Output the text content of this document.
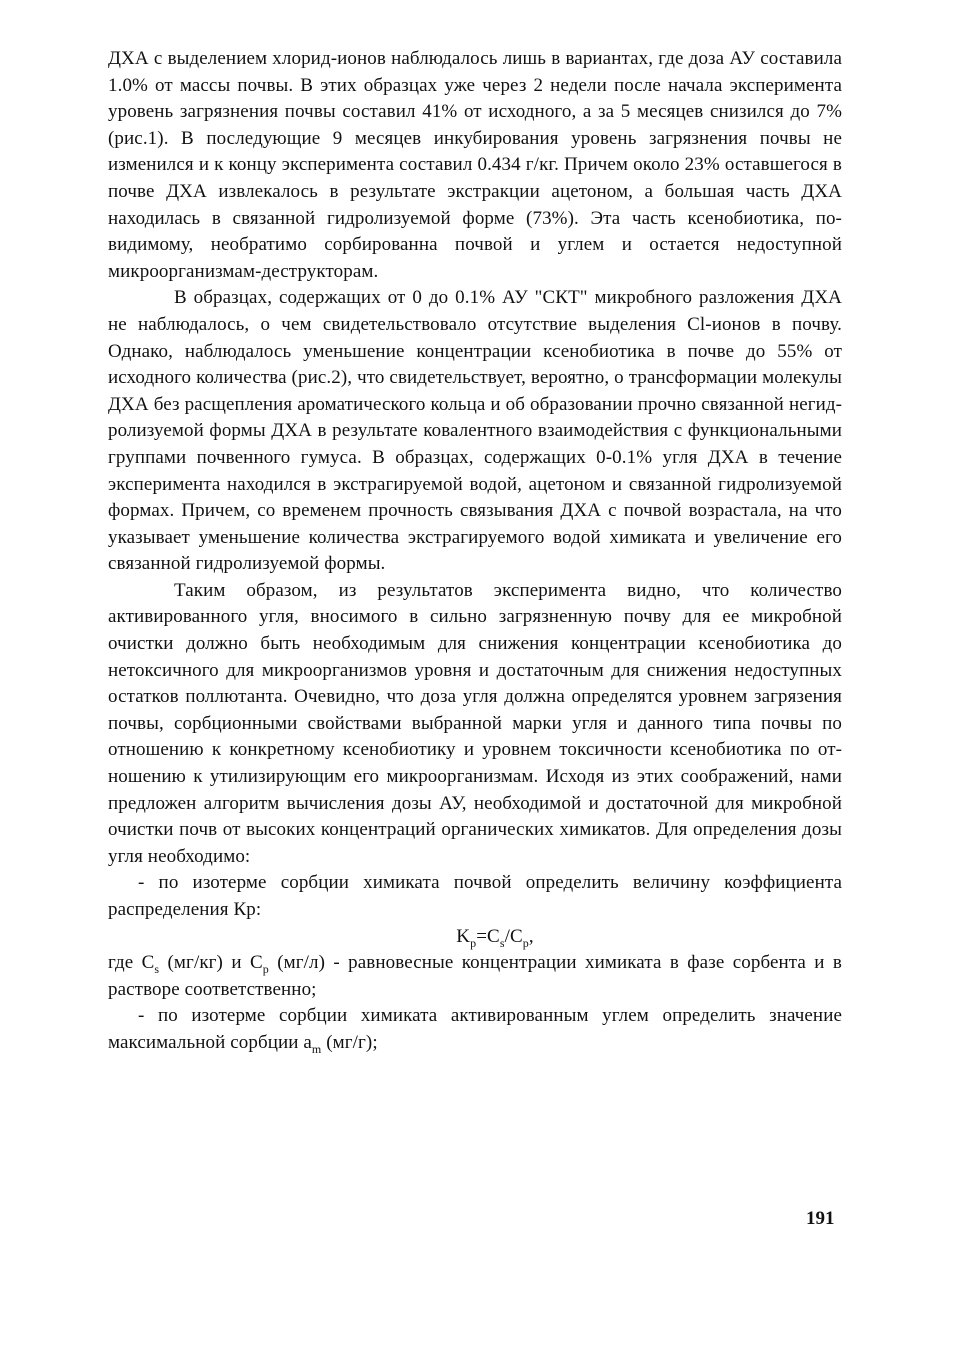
ДХА с выделением хлорид-ионов наблюдалось лишь в вариантах, где доза АУ составила 1.0% от массы почвы. В этих образцах уже через 2 недели после начала эксперимента уровень загрязнения почвы составил 41% от исходного, а за 5 месяцев снизился до 7% (рис.1). В последующие 9 месяцев инкубирования уровень загрязнения почвы не изменился и к концу эксперимента составил 0.434 г/кг. Причем около 23% оставшегося в почве ДХА извлекалось в результате экстракции ацетоном, а большая часть ДХА находилась в связанной гидролизуемой форме (73%). Эта часть ксенобиотика, по-видимому, необратимо сорбированна почвой и углем и остается недоступной микроорганизмам-деструкторам.

В образцах, содержащих от 0 до 0.1% АУ "СКТ" микробного разложения ДХА не наблюдалось, о чем свидетельствовало отсутствие выделения Cl-ионов в почву. Однако, наблюдалось уменьшение концентрации ксенобиотика в почве до 55% от исходного количества (рис.2), что свидетельствует, вероятно, о трансформации молекулы ДХА без расщепления ароматического кольца и об образовании прочно связанной негидролизуемой формы ДХА в результате ковалентного взаимодействия с функциональными группами почвенного гумуса. В образцах, содержащих 0-0.1% угля ДХА в течение эксперимента находился в экстрагируемой водой, ацетоном и связанной гидролизуемой формах. Причем, со временем прочность связывания ДХА с почвой возрастала, на что указывает уменьшение количества экстрагируемого водой химиката и увеличение его связанной гидролизуемой формы.

Таким образом, из результатов эксперимента видно, что количество активированного угля, вносимого в сильно загрязненную почву для ее микробной очистки должно быть необходимым для снижения концентрации ксенобиотика до нетоксичного для микроорганизмов уровня и достаточным для снижения недоступных остатков поллютанта. Очевидно, что доза угля должна определятся уровнем загрязения почвы, сорбционными свойствами выбранной марки угля и данного типа почвы по отношению к конкретному ксенобиотику и уровнем токсичности ксенобиотика по отношению к утилизирующим его микроорганизмам. Исходя из этих соображений, нами предложен алгоритм вычисления дозы АУ, необходимой и достаточной для микробной очистки почв от высоких концентраций органических химикатов. Для определения дозы угля необходимо:

- по изотерме сорбции химиката почвой определить величину коэффициента распределения Кр:

$K_p=C_s/C_p$,

где $C_s$ (мг/кг) и $C_p$ (мг/л) - равновесные концентрации химиката в фазе сорбента и в растворе соответственно;

- по изотерме сорбции химиката активированным углем определить значение максимальной сорбции $a_m$ (мг/г);

191
